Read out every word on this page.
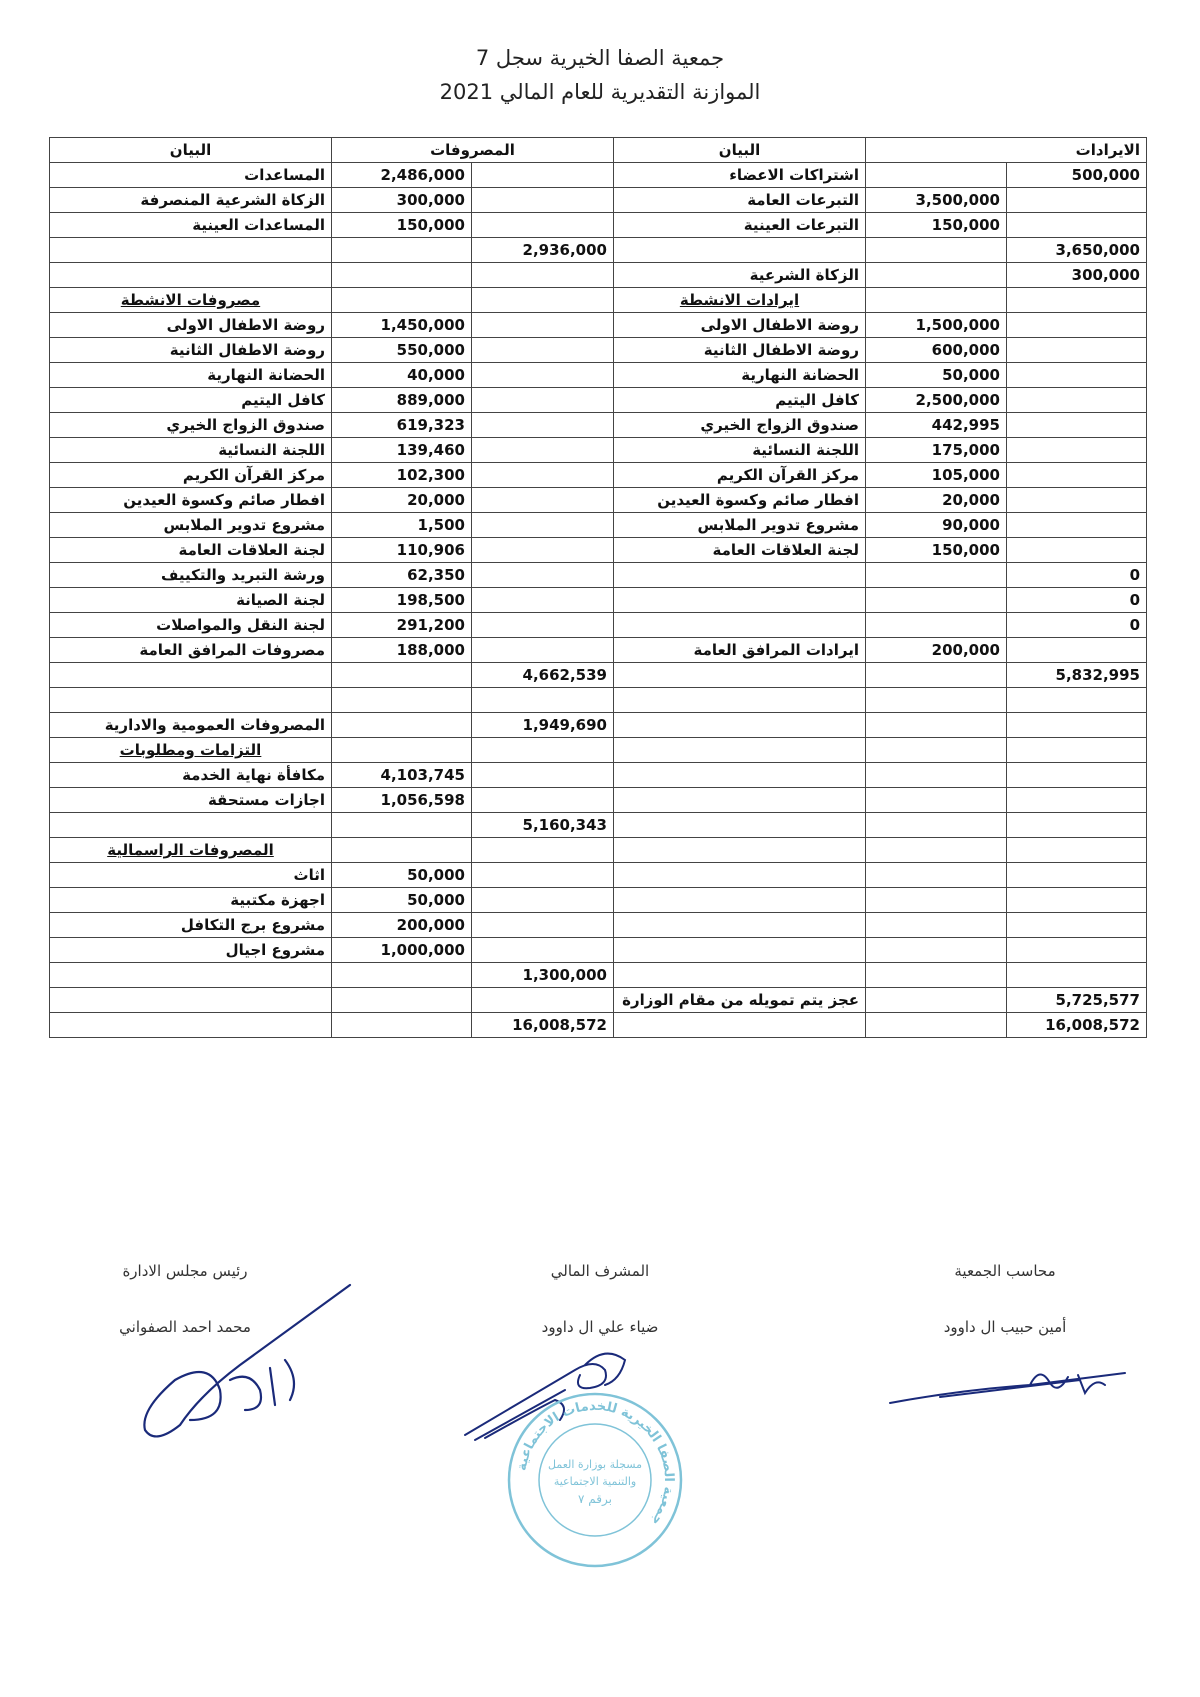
جمعية الصفا الخيرية سجل 7
الموازنة التقديرية للعام المالي 2021
البيان	المصروفات		البيان	الايرادات	
المساعدات	2,486,000		اشتراكات الاعضاء		500,000
الزكاة الشرعية المنصرفة	300,000		التبرعات العامة	3,500,000	
المساعدات العينية	150,000		التبرعات العينية	150,000	
		2,936,000			3,650,000
			الزكاة الشرعية		300,000
مصروفات الانشطة			ايرادات الانشطة		
روضة الاطفال الاولى	1,450,000		روضة الاطفال الاولى	1,500,000	
روضة الاطفال الثانية	550,000		روضة الاطفال الثانية	600,000	
الحضانة النهارية	40,000		الحضانة النهارية	50,000	
كافل اليتيم	889,000		كافل اليتيم	2,500,000	
صندوق الزواج الخيري	619,323		صندوق الزواج الخيري	442,995	
اللجنة النسائية	139,460		اللجنة النسائية	175,000	
مركز القرآن الكريم	102,300		مركز القرآن الكريم	105,000	
افطار صائم وكسوة العيدين	20,000		افطار صائم وكسوة العيدين	20,000	
مشروع تدوير الملابس	1,500		مشروع تدوير الملابس	90,000	
لجنة العلاقات العامة	110,906		لجنة العلاقات العامة	150,000	
ورشة التبريد والتكييف	62,350				0
لجنة الصيانة	198,500				0
لجنة النقل والمواصلات	291,200				0
مصروفات المرافق العامة	188,000		ايرادات المرافق العامة	200,000	
		4,662,539			5,832,995

المصروفات العمومية والادارية		1,949,690			
التزامات ومطلوبات					
مكافأة نهاية الخدمة	4,103,745				
اجازات مستحقة	1,056,598				
		5,160,343			
المصروفات الراسمالية					
اثاث	50,000				
اجهزة مكتبية	50,000				
مشروع برج التكافل	200,000				
مشروع اجيال	1,000,000				
		1,300,000			
			عجز يتم تمويله من مقام الوزارة		5,725,577
		16,008,572			16,008,572
رئيس مجلس الادارة
محمد احمد الصفواني
المشرف المالي
ضياء علي ال داوود
محاسب الجمعية
أمين حبيب ال داوود
جمعية الصفا الخيرية للخدمات الاجتماعية
مسجلة بوزارة العمل
والتنمية الاجتماعية
برقم ٧
